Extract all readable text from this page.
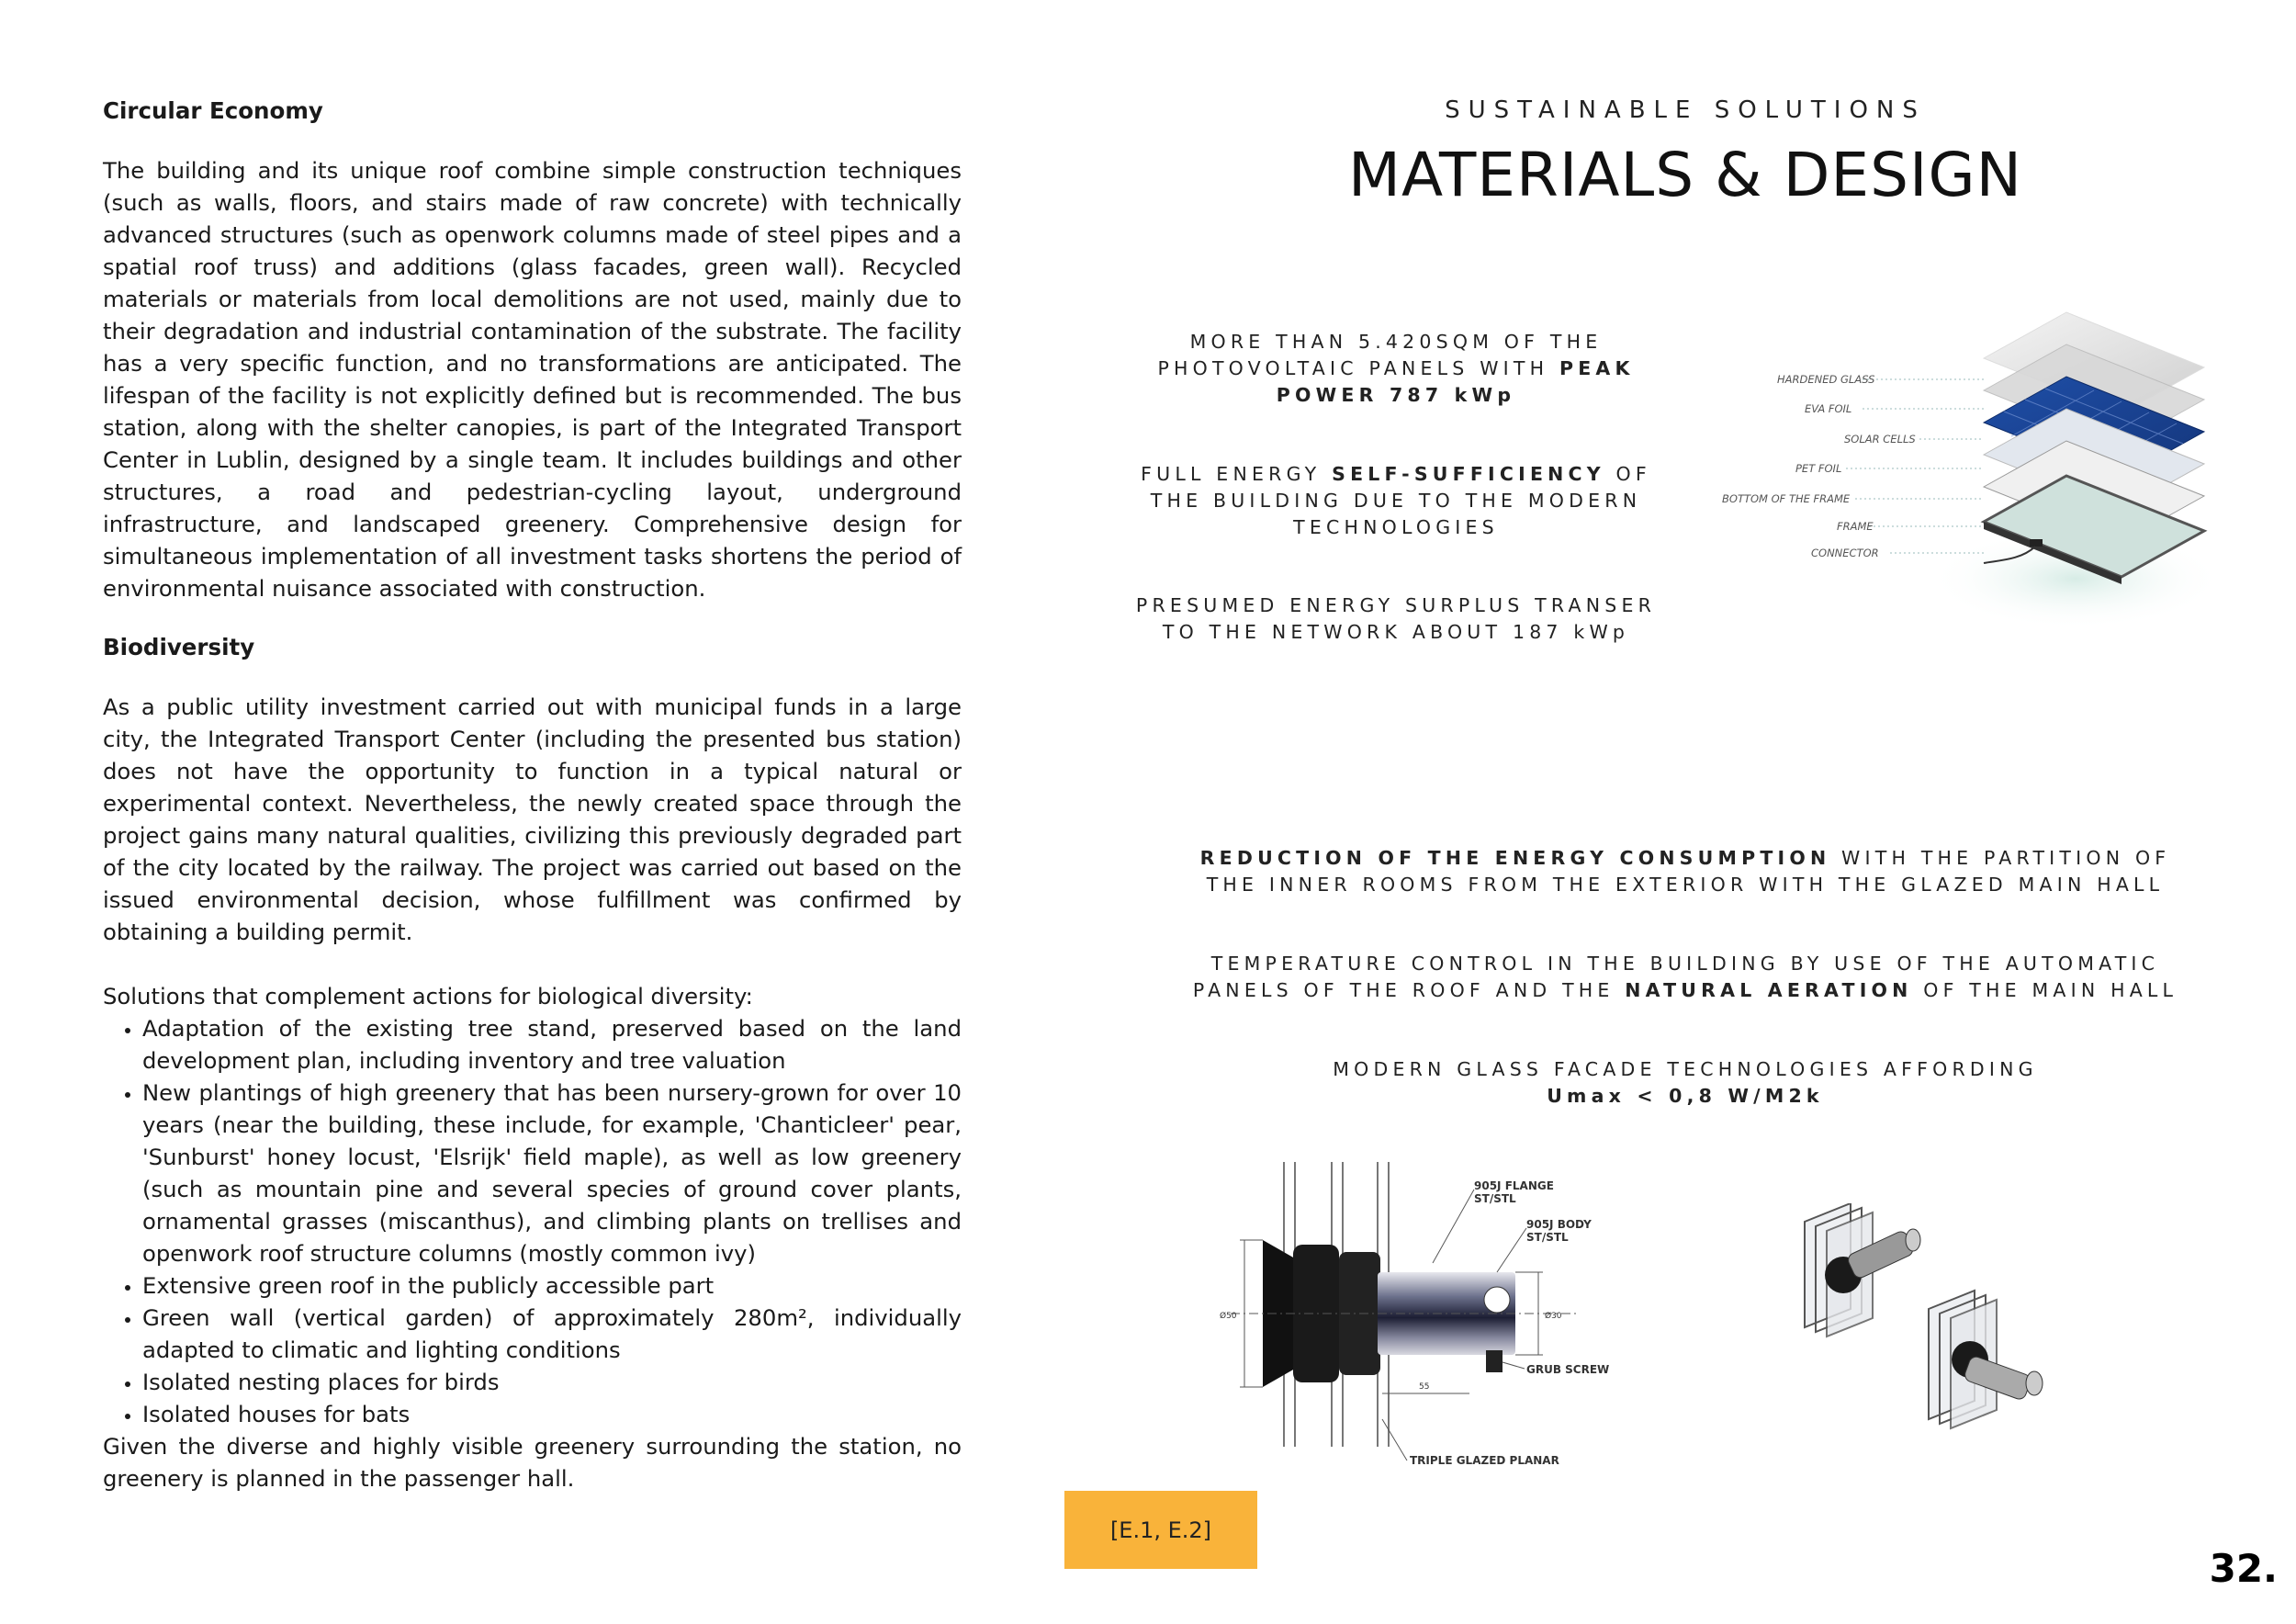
Circular Economy

The building and its unique roof combine simple construction techniques (such as walls, floors, and stairs made of raw concrete) with technically advanced structures (such as openwork columns made of steel pipes and a spatial roof truss) and additions (glass facades, green wall). Recycled materials or materials from local demolitions are not used, mainly due to their degradation and industrial contamination of the substrate. The facility has a very specific function, and no transformations are anticipated. The lifespan of the facility is not explicitly defined but is recommended. The bus station, along with the shelter canopies, is part of the Integrated Transport Center in Lublin, designed by a single team. It includes buildings and other structures, a road and pedestrian-cycling layout, underground infrastructure, and landscaped greenery. Comprehensive design for simultaneous implementation of all investment tasks shortens the period of environmental nuisance associated with construction.

Biodiversity

As a public utility investment carried out with municipal funds in a large city, the Integrated Transport Center (including the presented bus station) does not have the opportunity to function in a typical natural or experimental context. Nevertheless, the newly created space through the project gains many natural qualities, civilizing this previously degraded part of the city located by the railway. The project was carried out based on the issued environmental decision, whose fulfillment was confirmed by obtaining a building permit.

Solutions that complement actions for biological diversity:

• Adaptation of the existing tree stand, preserved based on the land development plan, including inventory and tree valuation
• New plantings of high greenery that has been nursery-grown for over 10 years (near the building, these include, for example, 'Chanticleer' pear, 'Sunburst' honey locust, 'Elsrijk' field maple), as well as low greenery (such as mountain pine and several species of ground cover plants, ornamental grasses (miscanthus), and climbing plants on trellises and openwork roof structure columns (mostly common ivy)
• Extensive green roof in the publicly accessible part
• Green wall (vertical garden) of approximately 280m², individually adapted to climatic and lighting conditions
• Isolated nesting places for birds
• Isolated houses for bats

Given the diverse and highly visible greenery surrounding the station, no greenery is planned in the passenger hall.

SUSTAINABLE SOLUTIONS
MATERIALS & DESIGN
MORE THAN 5.420SQM OF THE
PHOTOVOLTAIC PANELS WITH PEAK
POWER 787 kWp
FULL ENERGY SELF-SUFFICIENCY OF
THE BUILDING DUE TO THE MODERN
TECHNOLOGIES
PRESUMED ENERGY SURPLUS TRANSER
TO THE NETWORK ABOUT 187 kWp
REDUCTION OF THE ENERGY CONSUMPTION WITH THE PARTITION OF
THE INNER ROOMS FROM THE EXTERIOR WITH THE GLAZED MAIN HALL
TEMPERATURE CONTROL IN THE BUILDING BY USE OF THE AUTOMATIC
PANELS OF THE ROOF AND THE NATURAL AERATION OF THE MAIN HALL
MODERN GLASS FACADE TECHNOLOGIES AFFORDING
Umax < 0,8 W/M2k
HARDENED GLASS
EVA FOIL
SOLAR CELLS
PET FOIL
BOTTOM OF THE FRAME
FRAME
CONNECTOR
905J FLANGE
ST/STL
905J BODY
ST/STL
GRUB SCREW
TRIPLE GLAZED PLANAR
Ø50	Ø30
55
[E.1, E.2]
32.
